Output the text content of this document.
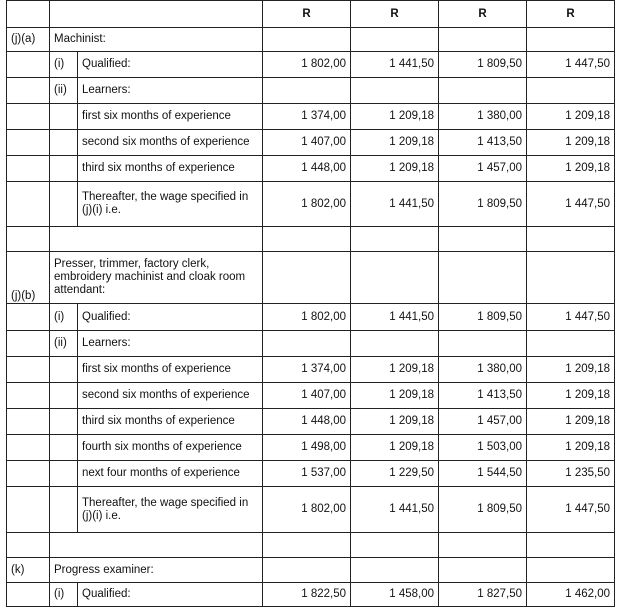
			R	R	R	R
(j)(a)	Machinist:					
	(i)	Qualified:	1 802,00	1 441,50	1 809,50	1 447,50
	(ii)	Learners:				
		first six months of experience	1 374,00	1 209,18	1 380,00	1 209,18
		second six months of experience	1 407,00	1 209,18	1 413,50	1 209,18
		third six months of experience	1 448,00	1 209,18	1 457,00	1 209,18
		Thereafter, the wage specified in (j)(i) i.e.	1 802,00	1 441,50	1 809,50	1 447,50

(j)(b)	Presser, trimmer, factory clerk, embroidery machinist and cloak room attendant:					
	(i)	Qualified:	1 802,00	1 441,50	1 809,50	1 447,50
	(ii)	Learners:				
		first six months of experience	1 374,00	1 209,18	1 380,00	1 209,18
		second six months of experience	1 407,00	1 209,18	1 413,50	1 209,18
		third six months of experience	1 448,00	1 209,18	1 457,00	1 209,18
		fourth six months of experience	1 498,00	1 209,18	1 503,00	1 209,18
		next four months of experience	1 537,00	1 229,50	1 544,50	1 235,50
		Thereafter, the wage specified in (j)(i) i.e.	1 802,00	1 441,50	1 809,50	1 447,50

(k)	Progress examiner:					
	(i)	Qualified:	1 822,50	1 458,00	1 827,50	1 462,00
